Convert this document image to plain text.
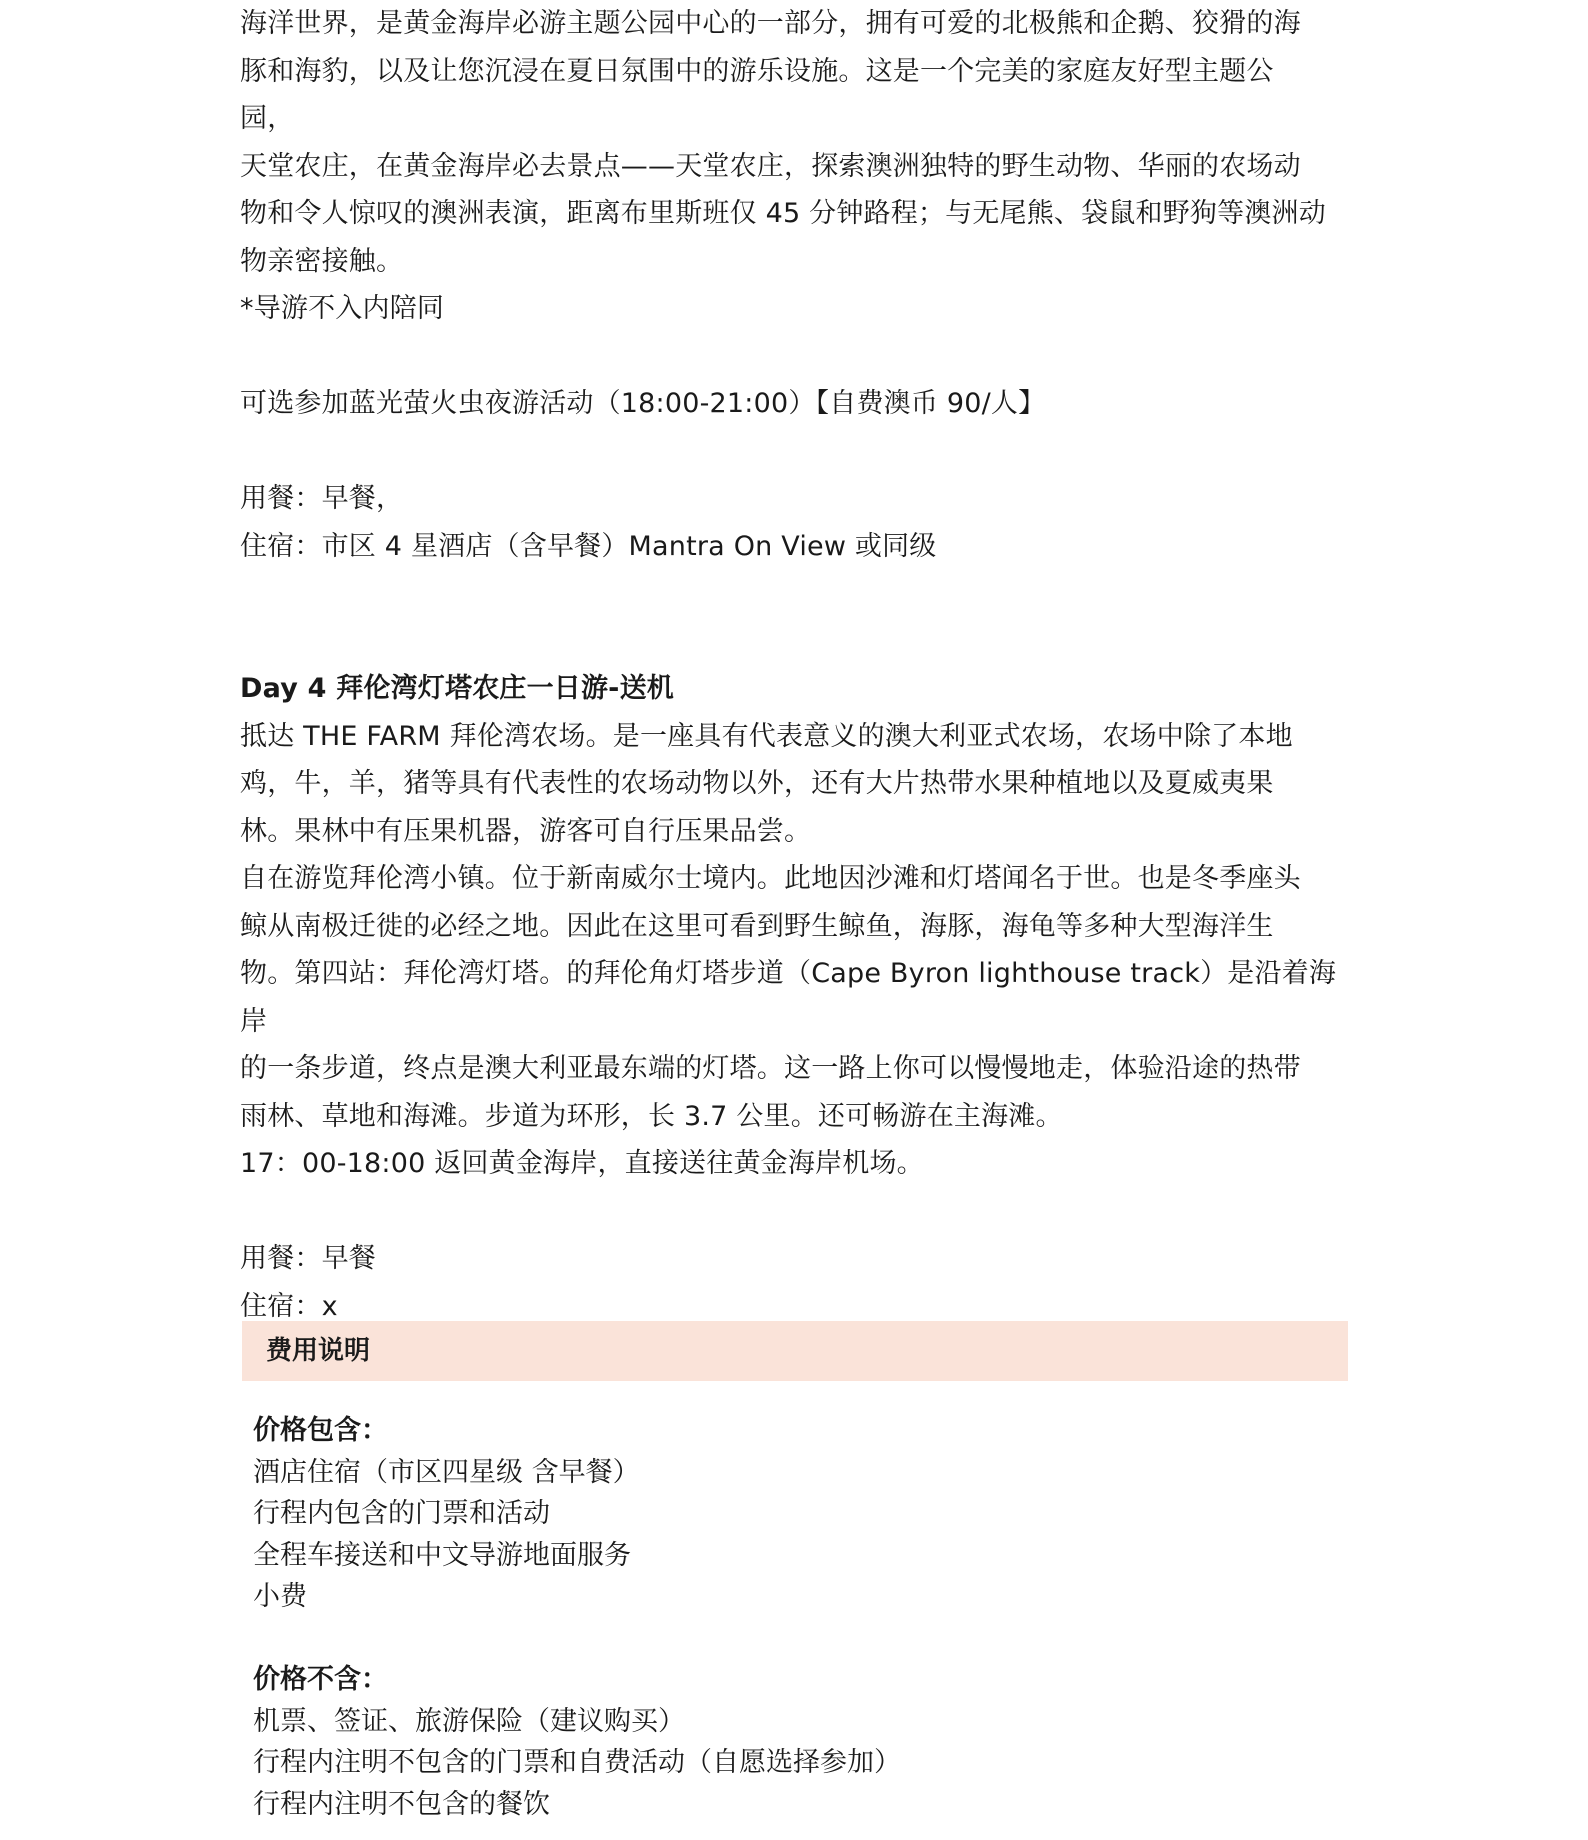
海洋世界，是黄金海岸必游主题公园中心的一部分，拥有可爱的北极熊和企鹅、狡猾的海

豚和海豹，以及让您沉浸在夏日氛围中的游乐设施。这是一个完美的家庭友好型主题公

园，

天堂农庄，在黄金海岸必去景点——天堂农庄，探索澳洲独特的野生动物、华丽的农场动

物和令人惊叹的澳洲表演，距离布里斯班仅 45 分钟路程；与无尾熊、袋鼠和野狗等澳洲动

物亲密接触。

*导游不入内陪同

可选参加蓝光萤火虫夜游活动（18:00-21:00）【自费澳币 90/人】

用餐：早餐，

住宿：市区 4 星酒店（含早餐）Mantra On View 或同级

Day 4 拜伦湾灯塔农庄一日游-送机

抵达 THE FARM 拜伦湾农场。是一座具有代表意义的澳大利亚式农场，农场中除了本地

鸡，牛，羊，猪等具有代表性的农场动物以外，还有大片热带水果种植地以及夏威夷果

林。果林中有压果机器，游客可自行压果品尝。

自在游览拜伦湾小镇。位于新南威尔士境内。此地因沙滩和灯塔闻名于世。也是冬季座头

鲸从南极迁徙的必经之地。因此在这里可看到野生鲸鱼，海豚，海龟等多种大型海洋生

物。第四站：拜伦湾灯塔。的拜伦角灯塔步道（Cape Byron lighthouse track）是沿着海岸

的一条步道，终点是澳大利亚最东端的灯塔。这一路上你可以慢慢地走，体验沿途的热带

雨林、草地和海滩。步道为环形，长 3.7 公里。还可畅游在主海滩。

17：00-18:00 返回黄金海岸，直接送往黄金海岸机场。

用餐：早餐

住宿：x

费用说明

价格包含：

酒店住宿（市区四星级 含早餐）

行程内包含的门票和活动

全程车接送和中文导游地面服务

小费

价格不含：

机票、签证、旅游保险（建议购买）

行程内注明不包含的门票和自费活动（自愿选择参加）

行程内注明不包含的餐饮
